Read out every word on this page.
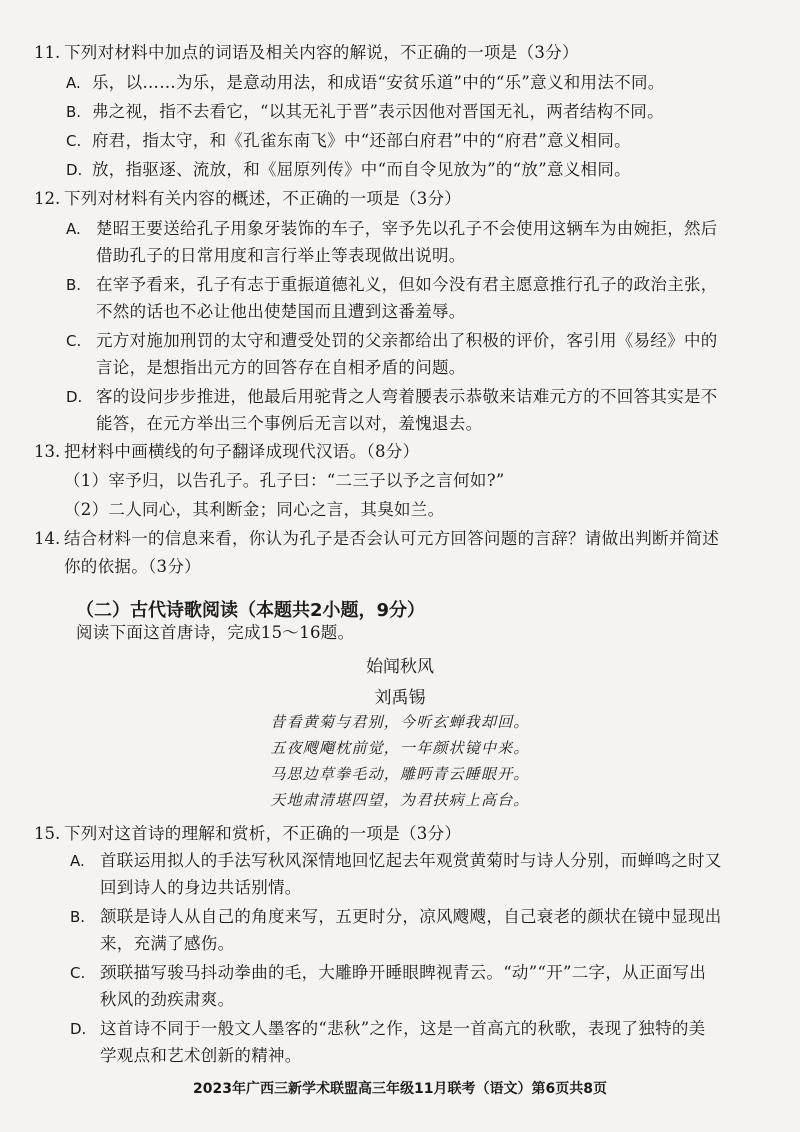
11. 下列对材料中加点的词语及相关内容的解说，不正确的一项是（3分）
A. 乐，以……为乐，是意动用法，和成语“安贫乐道”中的“乐”意义和用法不同。
B. 弗之视，指不去看它，“以其无礼于晋”表示因他对晋国无礼，两者结构不同。
C. 府君，指太守，和《孔雀东南飞》中“还部白府君”中的“府君”意义相同。
D. 放，指驱逐、流放，和《屈原列传》中“而自令见放为”的“放”意义相同。
12. 下列对材料有关内容的概述，不正确的一项是（3分）
A. 楚昭王要送给孔子用象牙装饰的车子，宰予先以孔子不会使用这辆车为由婉拒，然后
借助孔子的日常用度和言行举止等表现做出说明。
B. 在宰予看来，孔子有志于重振道德礼义，但如今没有君主愿意推行孔子的政治主张，
不然的话也不必让他出使楚国而且遭到这番羞辱。
C. 元方对施加刑罚的太守和遭受处罚的父亲都给出了积极的评价，客引用《易经》中的
言论，是想指出元方的回答存在自相矛盾的问题。
D. 客的设问步步推进，他最后用驼背之人弯着腰表示恭敬来诘难元方的不回答其实是不
能答，在元方举出三个事例后无言以对，羞愧退去。
13. 把材料中画横线的句子翻译成现代汉语。（8分）
（1）宰予归，以告孔子。孔子曰：“二三子以予之言何如?”
（2）二人同心，其利断金；同心之言，其臭如兰。
14. 结合材料一的信息来看，你认为孔子是否会认可元方回答问题的言辞？请做出判断并简述
你的依据。（3分）
（二）古代诗歌阅读（本题共2小题，9分）
阅读下面这首唐诗，完成15～16题。
始闻秋风
刘禹锡
昔看黄菊与君别，今听玄蝉我却回。
五夜飕飗枕前觉，一年颜状镜中来。
马思边草拳毛动，雕眄青云睡眼开。
天地肃清堪四望，为君扶病上高台。
15. 下列对这首诗的理解和赏析，不正确的一项是（3分）
A. 首联运用拟人的手法写秋风深情地回忆起去年观赏黄菊时与诗人分别，而蝉鸣之时又
回到诗人的身边共话别情。
B. 颔联是诗人从自己的角度来写，五更时分，凉风飕飕，自己衰老的颜状在镜中显现出
来，充满了感伤。
C. 颈联描写骏马抖动拳曲的毛，大雕睁开睡眼睥视青云。“动”“开”二字，从正面写出
秋风的劲疾肃爽。
D. 这首诗不同于一般文人墨客的“悲秋”之作，这是一首高亢的秋歌，表现了独特的美
学观点和艺术创新的精神。
2023年广西三新学术联盟高三年级11月联考（语文）第6页共8页
